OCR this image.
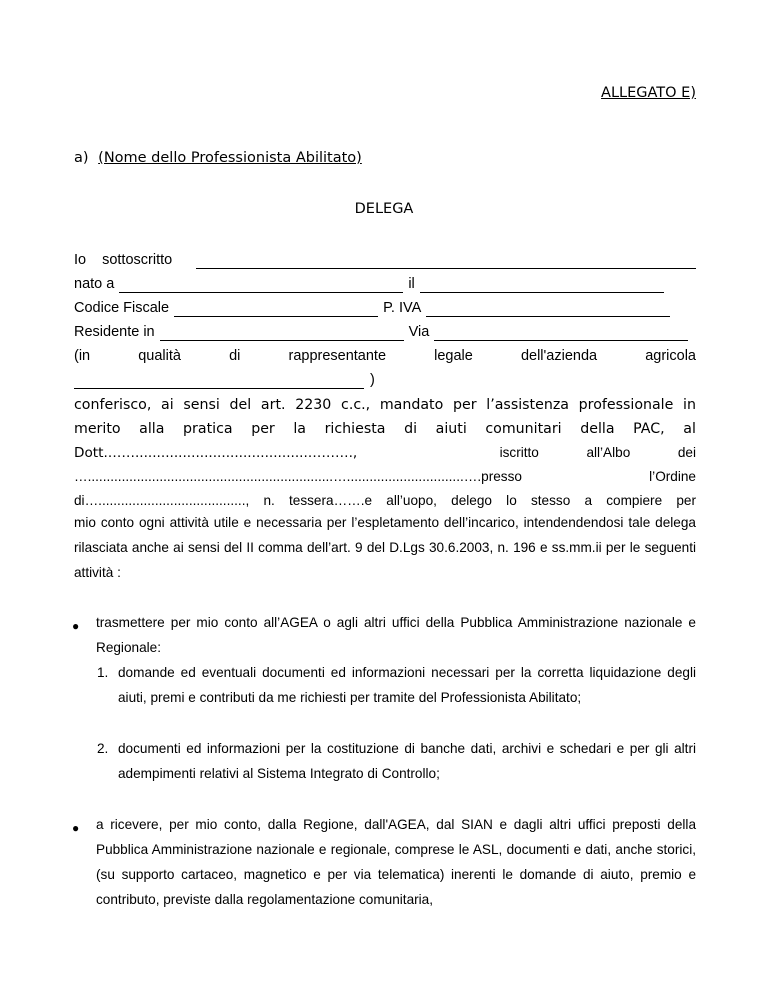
ALLEGATO E)
a) (Nome dello Professionista Abilitato)
DELEGA
Io sottoscritto
nato a	il
Codice Fiscale	P. IVA
Residente in	Via
(in	qualità	di	rappresentante	legale	dell'azienda	agricola
)
conferisco, ai sensi del art. 2230 c.c., mandato per l’assistenza professionale in
merito alla pratica per la richiesta di aiuti comunitari della PAC, al
Dott.……........................................……….,	iscritto	all’Albo	dei
….................................................................…...............................….presso	l’Ordine
di…......................................., n. tessera…….e all’uopo, delego lo stesso a compiere per
mio conto ogni attività utile e necessaria per l’espletamento dell’incarico, intendendendosi tale delega rilasciata anche ai sensi del II comma dell’art. 9 del D.Lgs 30.6.2003, n. 196 e ss.mm.ii per le seguenti attività :
● trasmettere per mio conto all’AGEA o agli altri uffici della Pubblica Amministrazione nazionale e Regionale:
1. domande ed eventuali documenti ed informazioni necessari per la corretta liquidazione degli aiuti, premi e contributi da me richiesti per tramite del Professionista Abilitato;
2. documenti ed informazioni per la costituzione di banche dati, archivi e schedari e per gli altri adempimenti relativi al Sistema Integrato di Controllo;
● a ricevere, per mio conto, dalla Regione, dall'AGEA, dal SIAN e dagli altri uffici preposti della Pubblica Amministrazione nazionale e regionale, comprese le ASL, documenti e dati, anche storici, (su supporto cartaceo, magnetico e per via telematica) inerenti le domande di aiuto, premio e contributo, previste dalla regolamentazione comunitaria,
